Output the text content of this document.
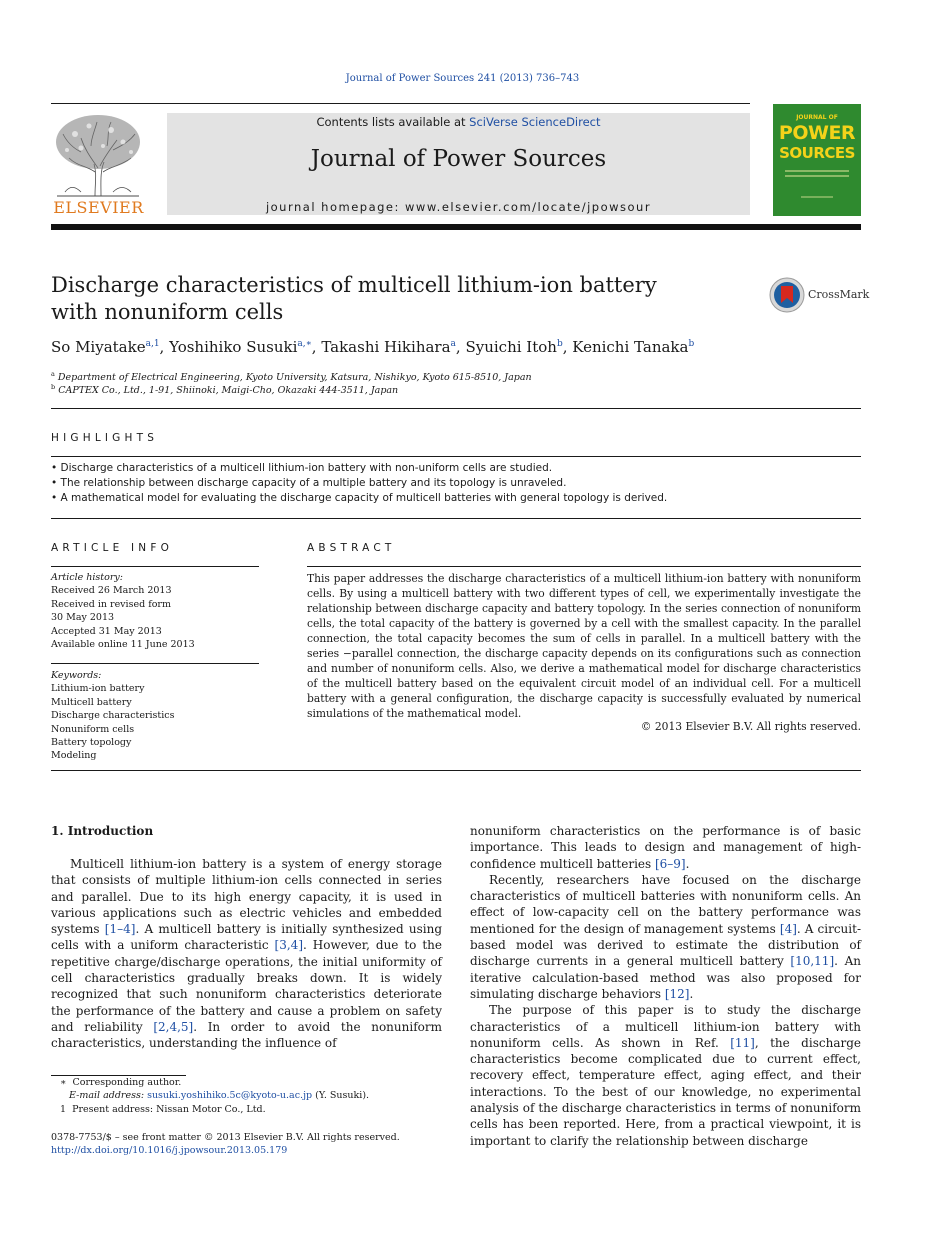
Journal of Power Sources 241 (2013) 736–743
ELSEVIER
Contents lists available at SciVerse ScienceDirect
Journal of Power Sources
journal homepage: www.elsevier.com/locate/jpowsour
JOURNAL OF
POWER
SOURCES
Discharge characteristics of multicell lithium-ion battery
with nonuniform cells
CrossMark
So Miyatake$^{a,1}$, Yoshihiko Susuki$^{a,∗}$, Takashi Hikihara$^a$, Syuichi Itoh$^b$, Kenichi Tanaka$^b$
$^a$ Department of Electrical Engineering, Kyoto University, Katsura, Nishikyo, Kyoto 615-8510, Japan
$^b$ CAPTEX Co., Ltd., 1-91, Shiinoki, Maigi-Cho, Okazaki 444-3511, Japan
HIGHLIGHTS
• Discharge characteristics of a multicell lithium-ion battery with non-uniform cells are studied.
• The relationship between discharge capacity of a multiple battery and its topology is unraveled.
• A mathematical model for evaluating the discharge capacity of multicell batteries with general topology is derived.
ARTICLE INFO
Article history:
Received 26 March 2013
Received in revised form
30 May 2013
Accepted 31 May 2013
Available online 11 June 2013
Keywords:
Lithium-ion battery
Multicell battery
Discharge characteristics
Nonuniform cells
Battery topology
Modeling
ABSTRACT
This paper addresses the discharge characteristics of a multicell lithium-ion battery with nonuniform cells. By using a multicell battery with two different types of cell, we experimentally investigate the relationship between discharge capacity and battery topology. In the series connection of nonuniform cells, the total capacity of the battery is governed by a cell with the smallest capacity. In the parallel connection, the total capacity becomes the sum of cells in parallel. In a multicell battery with the series −parallel connection, the discharge capacity depends on its configurations such as connection and number of nonuniform cells. Also, we derive a mathematical model for discharge characteristics of the multicell battery based on the equivalent circuit model of an individual cell. For a multicell battery with a general configuration, the discharge capacity is successfully evaluated by numerical simulations of the mathematical model.
© 2013 Elsevier B.V. All rights reserved.
1. Introduction

Multicell lithium-ion battery is a system of energy storage that consists of multiple lithium-ion cells connected in series and parallel. Due to its high energy capacity, it is used in various applications such as electric vehicles and embedded systems [1–4]. A multicell battery is initially synthesized using cells with a uniform characteristic [3,4]. However, due to the repetitive charge/discharge operations, the initial uniformity of cell characteristics gradually breaks down. It is widely recognized that such nonuniform characteristics deteriorate the performance of the battery and cause a problem on safety and reliability [2,4,5]. In order to avoid the nonuniform characteristics, understanding the influence of

nonuniform characteristics on the performance is of basic importance. This leads to design and management of high-confidence multicell batteries [6–9].

Recently, researchers have focused on the discharge characteristics of multicell batteries with nonuniform cells. An effect of low-capacity cell on the battery performance was mentioned for the design of management systems [4]. A circuit-based model was derived to estimate the distribution of discharge currents in a general multicell battery [10,11]. An iterative calculation-based method was also proposed for simulating discharge behaviors [12].

The purpose of this paper is to study the discharge characteristics of a multicell lithium-ion battery with nonuniform cells. As shown in Ref. [11], the discharge characteristics become complicated due to current effect, recovery effect, temperature effect, aging effect, and their interactions. To the best of our knowledge, no experimental analysis of the discharge characteristics in terms of nonuniform cells has been reported. Here, from a practical viewpoint, it is important to clarify the relationship between discharge

∗ Corresponding author.
E-mail address: susuki.yoshihiko.5c@kyoto-u.ac.jp (Y. Susuki).
1 Present address: Nissan Motor Co., Ltd.
0378-7753/$ – see front matter © 2013 Elsevier B.V. All rights reserved.
http://dx.doi.org/10.1016/j.jpowsour.2013.05.179
